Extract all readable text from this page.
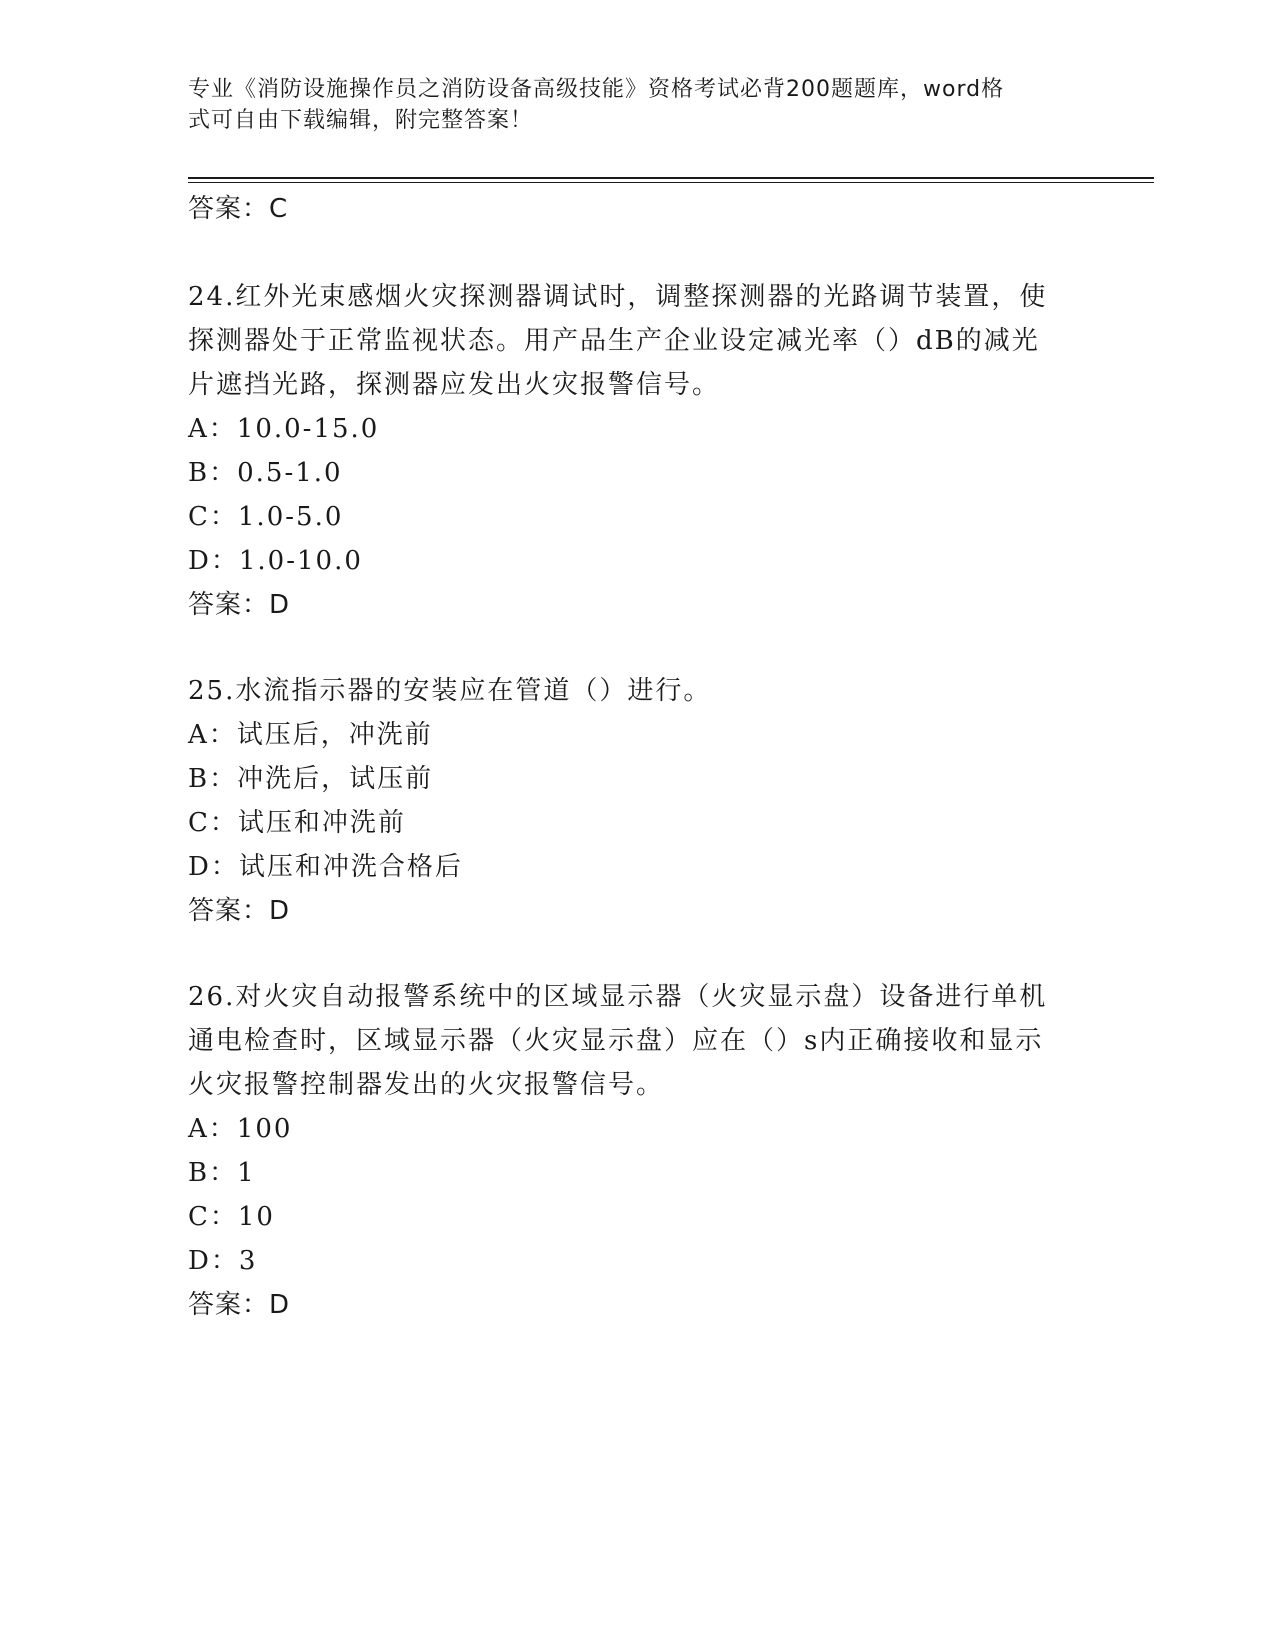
专业《消防设施操作员之消防设备高级技能》资格考试必背200题题库，word格
式可自由下载编辑，附完整答案！
答案：C
24.红外光束感烟火灾探测器调试时，调整探测器的光路调节装置，使
探测器处于正常监视状态。用产品生产企业设定减光率（）dB的减光
片遮挡光路，探测器应发出火灾报警信号。
A：10.0-15.0
B：0.5-1.0
C：1.0-5.0
D：1.0-10.0
答案：D
25.水流指示器的安装应在管道（）进行。
A：试压后，冲洗前
B：冲洗后，试压前
C：试压和冲洗前
D：试压和冲洗合格后
答案：D
26.对火灾自动报警系统中的区域显示器（火灾显示盘）设备进行单机
通电检查时，区域显示器（火灾显示盘）应在（）s内正确接收和显示
火灾报警控制器发出的火灾报警信号。
A：100
B：1
C：10
D：3
答案：D
